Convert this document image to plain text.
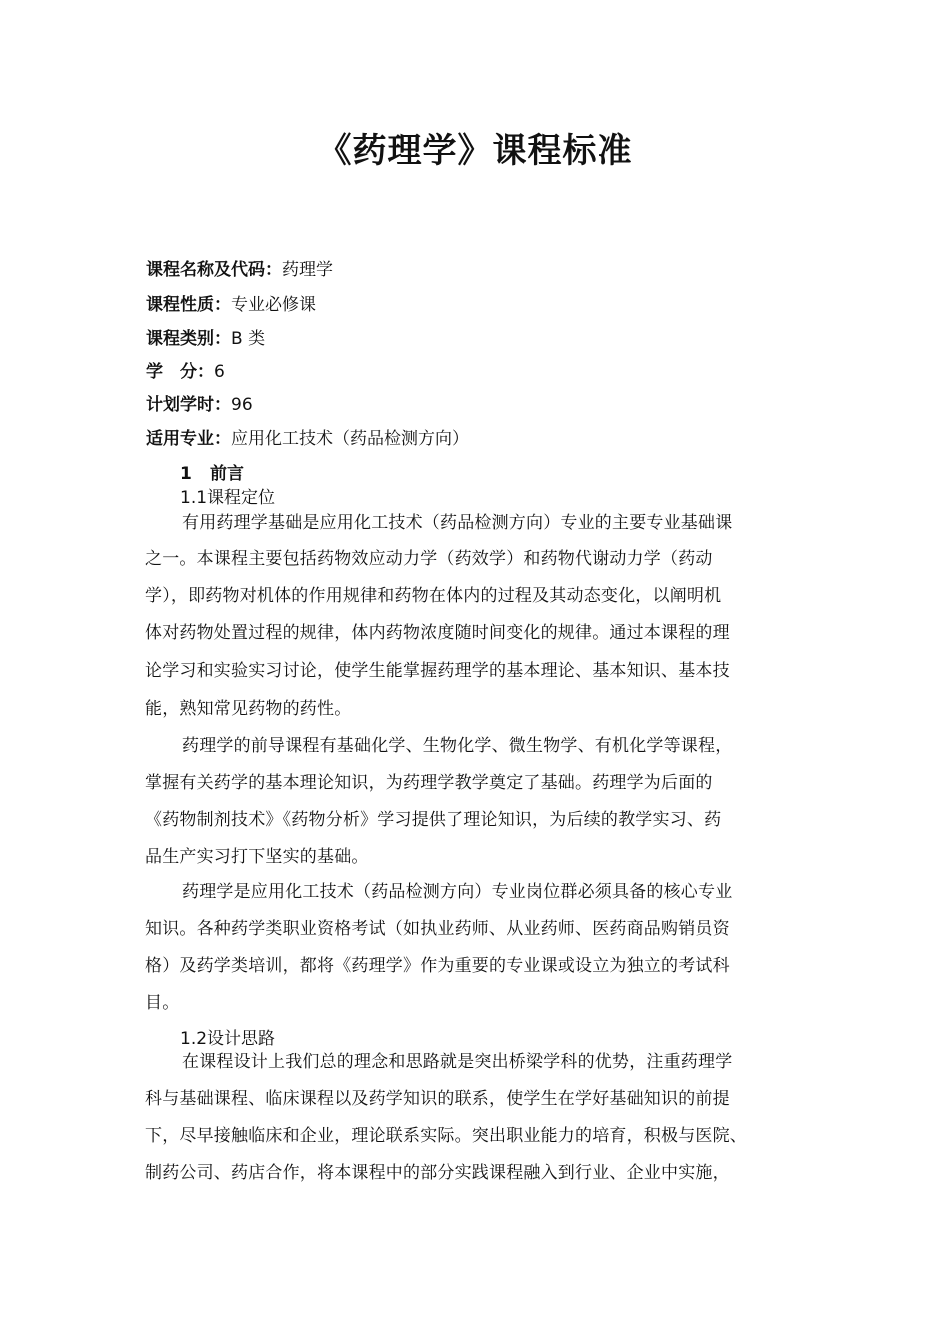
《药理学》课程标准
课程名称及代码：药理学
课程性质：专业必修课
课程类别：B 类
学　分：6
计划学时：96
适用专业：应用化工技术（药品检测方向）
1 前言
1.1课程定位
有用药理学基础是应用化工技术（药品检测方向）专业的主要专业基础课
之一。本课程主要包括药物效应动力学（药效学）和药物代谢动力学（药动
学），即药物对机体的作用规律和药物在体内的过程及其动态变化，以阐明机
体对药物处置过程的规律，体内药物浓度随时间变化的规律。通过本课程的理
论学习和实验实习讨论，使学生能掌握药理学的基本理论、基本知识、基本技
能，熟知常见药物的药性。
药理学的前导课程有基础化学、生物化学、微生物学、有机化学等课程，
掌握有关药学的基本理论知识，为药理学教学奠定了基础。药理学为后面的
《药物制剂技术》《药物分析》学习提供了理论知识，为后续的教学实习、药
品生产实习打下坚实的基础。
药理学是应用化工技术（药品检测方向）专业岗位群必须具备的核心专业
知识。各种药学类职业资格考试（如执业药师、从业药师、医药商品购销员资
格）及药学类培训，都将《药理学》作为重要的专业课或设立为独立的考试科
目。
1.2设计思路
在课程设计上我们总的理念和思路就是突出桥梁学科的优势，注重药理学
科与基础课程、临床课程以及药学知识的联系，使学生在学好基础知识的前提
下，尽早接触临床和企业，理论联系实际。突出职业能力的培育，积极与医院、
制药公司、药店合作，将本课程中的部分实践课程融入到行业、企业中实施，
